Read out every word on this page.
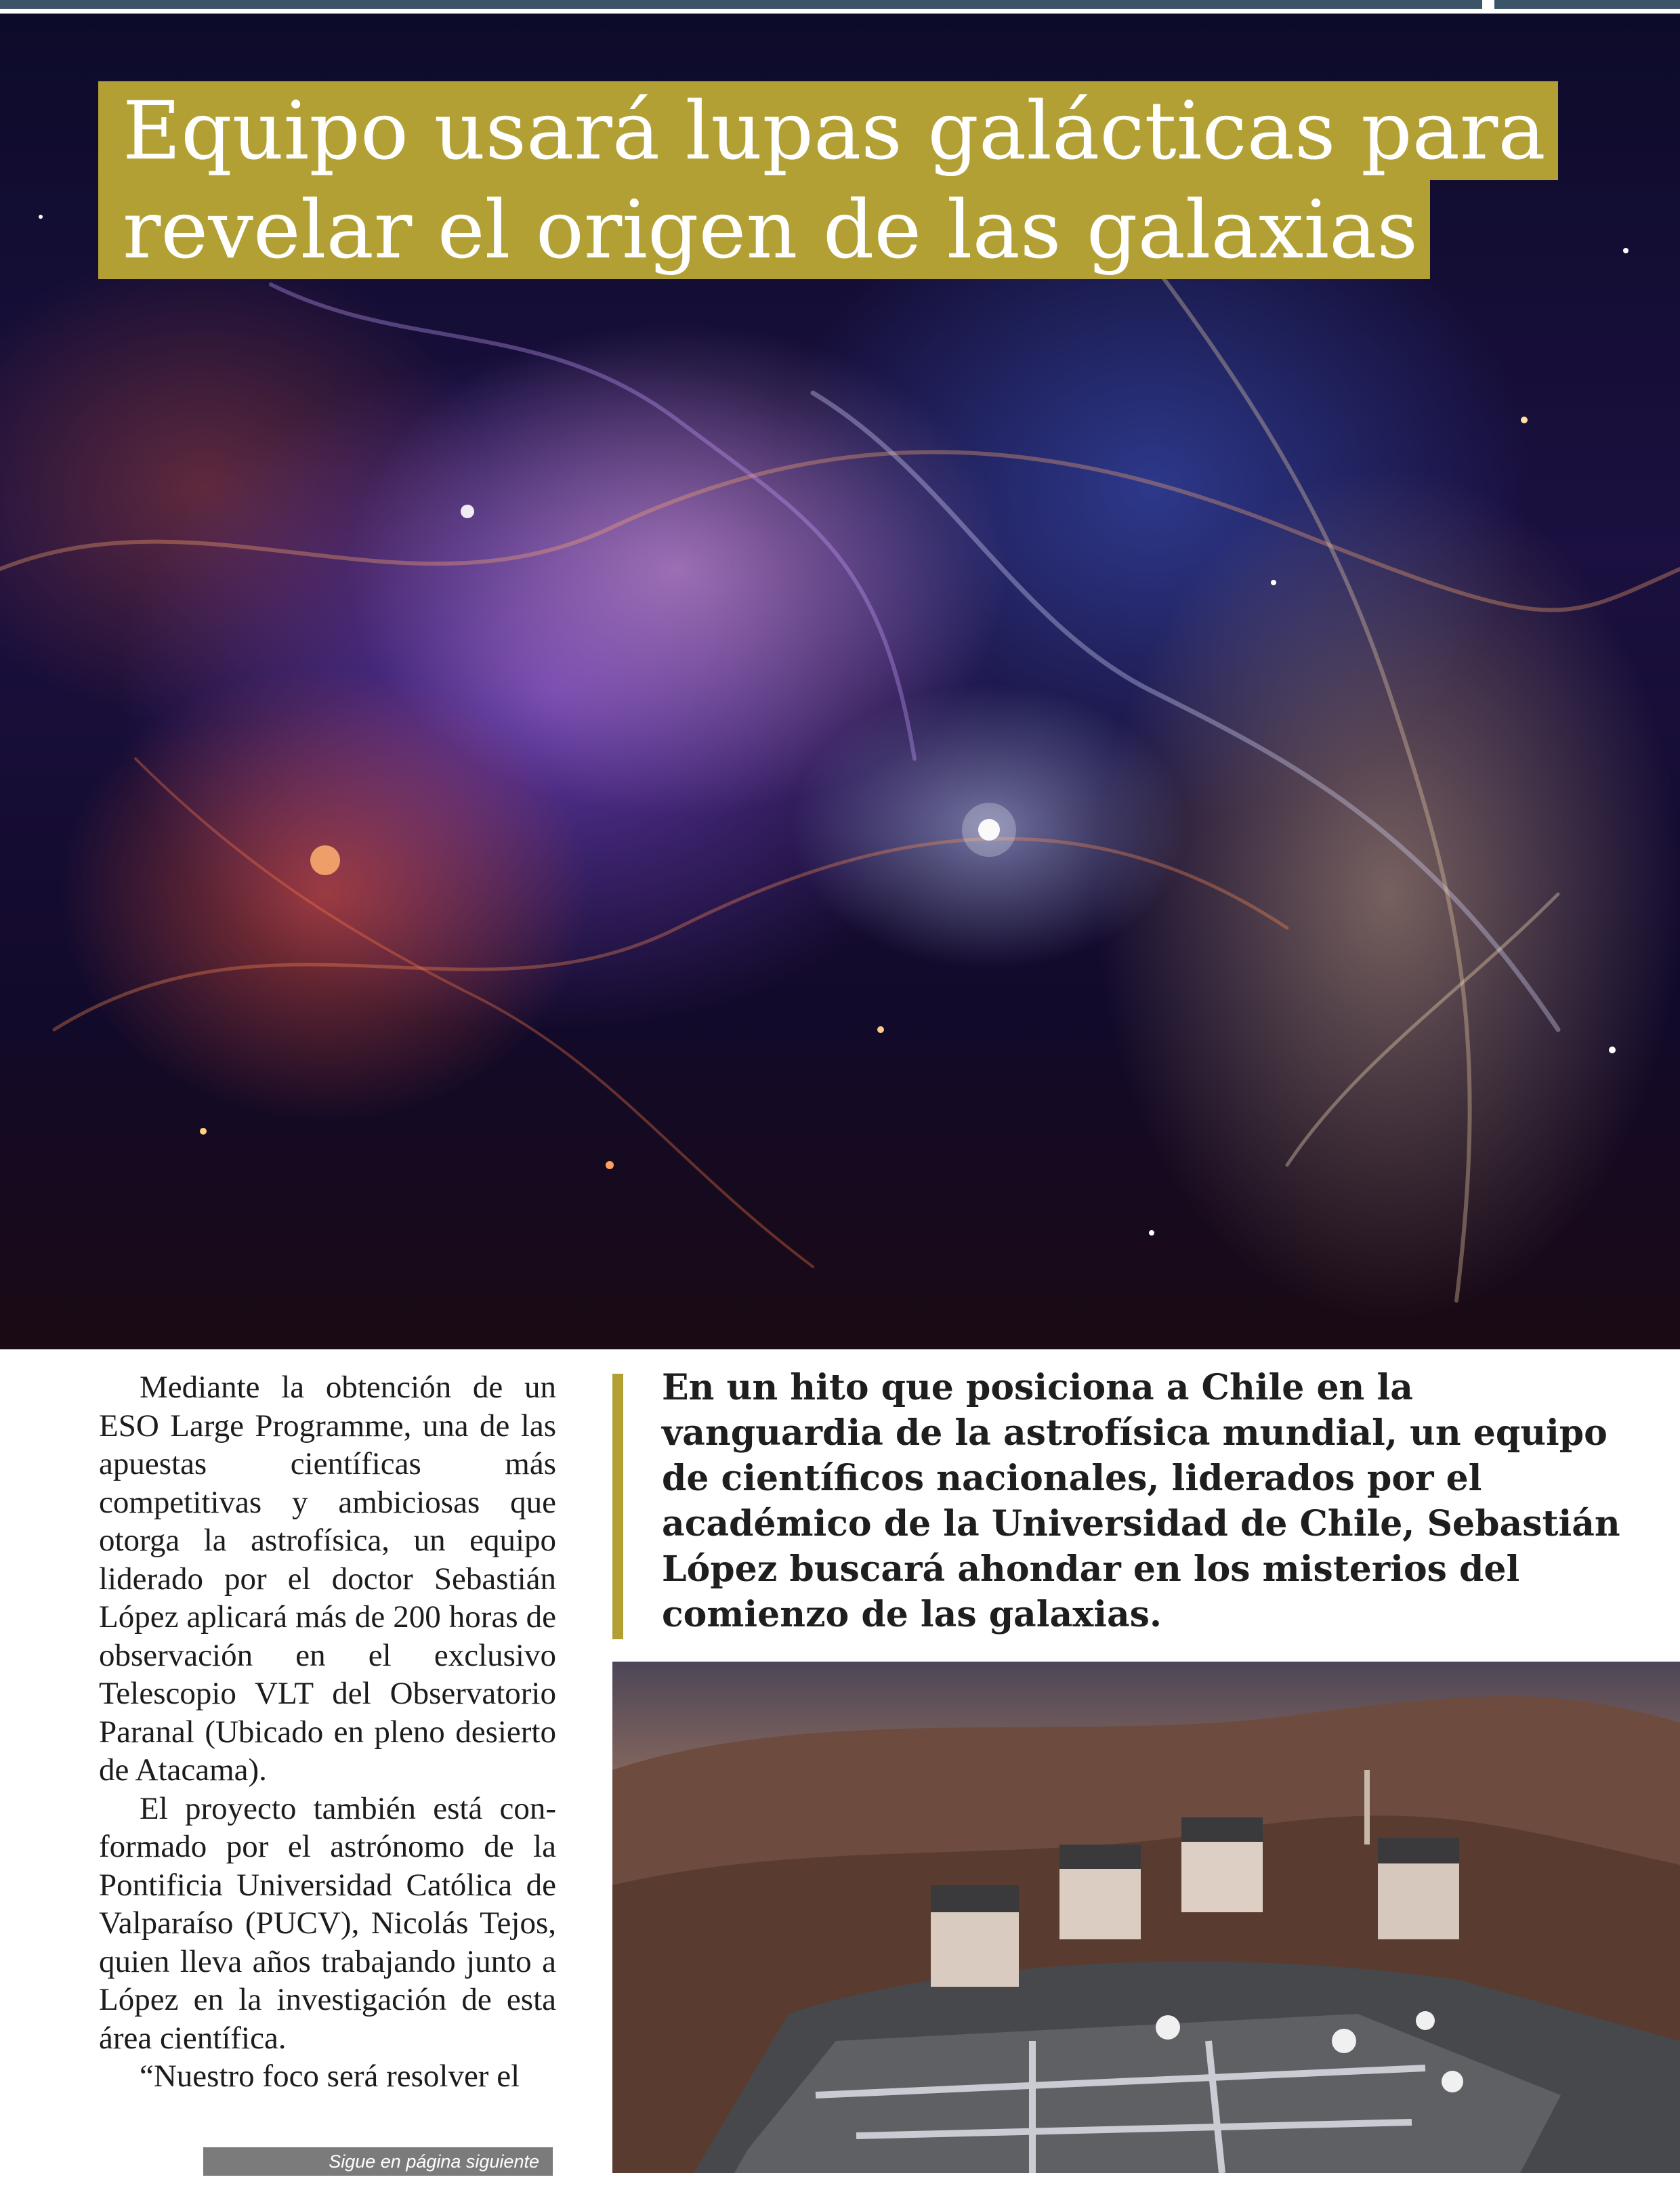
Equipo usará lupas galácticas para
revelar el origen de las galaxias

Mediante la obtención de un ESO Large Programme, una de las apuestas científicas más competitivas y ambiciosas que otorga la astrofísica, un equipo liderado por el doctor Sebastián López aplicará más de 200 horas de observación en el exclusivo Telescopio VLT del Observatorio Paranal (Ubicado en pleno desierto de Atacama).

El proyecto también está conformado por el astrónomo de la Pontificia Universidad Católica de Valparaíso (PUCV), Nicolás Tejos, quien lleva años trabajando junto a López en la investigación de esta área científica.

“Nuestro foco será resolver el

Sigue en página siguiente
En un hito que posiciona a Chile en la vanguardia de la astrofísica mundial, un equipo de científicos nacionales, liderados por el académico de la Universidad de Chile, Sebastián López buscará ahondar en los misterios del comienzo de las galaxias.
